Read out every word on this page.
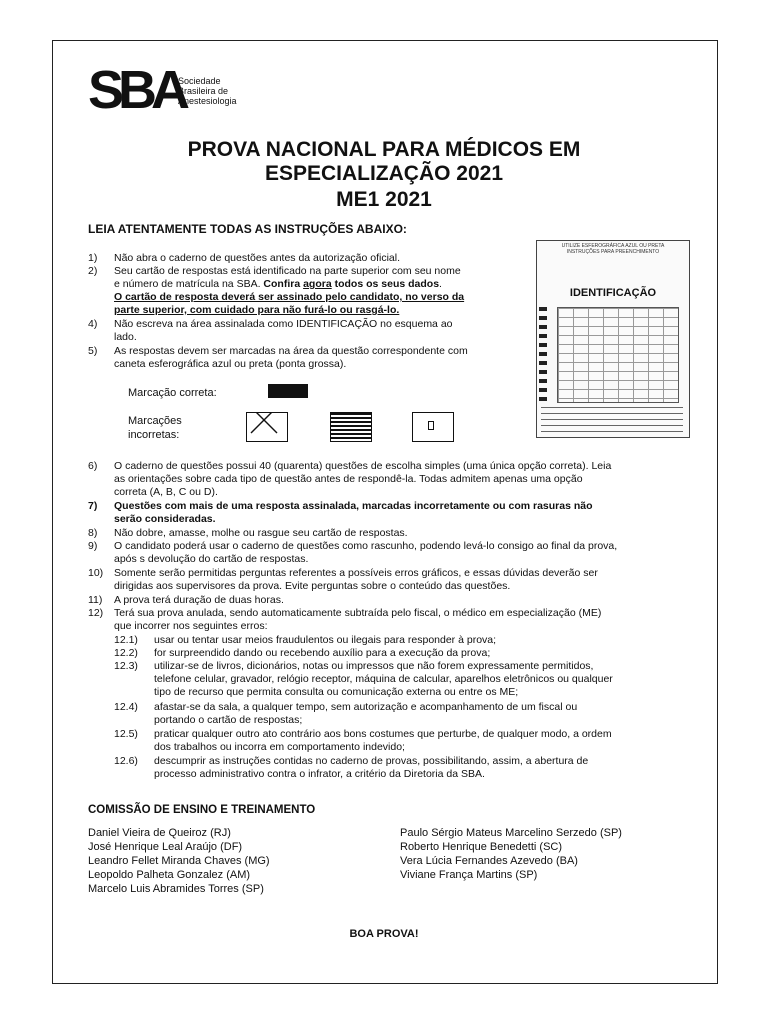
SBA
Sociedade
Brasileira de
Anestesiologia
PROVA NACIONAL PARA MÉDICOS EM
ESPECIALIZAÇÃO 2021
ME1 2021
LEIA ATENTAMENTE TODAS AS INSTRUÇÕES ABAIXO:
1)	Não abra o caderno de questões antes da autorização oficial.
2)	Seu cartão de respostas está identificado na parte superior com seu nome
e número de matrícula na SBA. Confira agora todos os seus dados.
O cartão de resposta deverá ser assinado pelo candidato, no verso da
parte superior, com cuidado para não furá-lo ou rasgá-lo.
4)	Não escreva na área assinalada como IDENTIFICAÇÃO no esquema ao
lado.
5)	As respostas devem ser marcadas na área da questão correspondente com
caneta esferográfica azul ou preta (ponta grossa).
Marcação correta:
Marcações
incorretas:
UTILIZE ESFEROGRÁFICA AZUL OU PRETA
INSTRUÇÕES PARA PREENCHIMENTO
IDENTIFICAÇÃO
6)	O caderno de questões possui 40 (quarenta) questões de escolha simples (uma única opção correta). Leia
as orientações sobre cada tipo de questão antes de respondê-la. Todas admitem apenas uma opção
correta (A, B, C ou D).
7)	Questões com mais de uma resposta assinalada, marcadas incorretamente ou com rasuras não
serão consideradas.
8)	Não dobre, amasse, molhe ou rasgue seu cartão de respostas.
9)	O candidato poderá usar o caderno de questões como rascunho, podendo levá-lo consigo ao final da prova,
após s devolução do cartão de respostas.
10)	Somente serão permitidas perguntas referentes a possíveis erros gráficos, e essas dúvidas deverão ser
dirigidas aos supervisores da prova. Evite perguntas sobre o conteúdo das questões.
11)	A prova terá duração de duas horas.
12)	Terá sua prova anulada, sendo automaticamente subtraída pelo fiscal, o médico em especialização (ME)
que incorrer nos seguintes erros:
12.1)	usar ou tentar usar meios fraudulentos ou ilegais para responder à prova;
12.2)	for surpreendido dando ou recebendo auxílio para a execução da prova;
12.3)	utilizar-se de livros, dicionários, notas ou impressos que não forem expressamente permitidos,
telefone celular, gravador, relógio receptor, máquina de calcular, aparelhos eletrônicos ou qualquer
tipo de recurso que permita consulta ou comunicação externa ou entre os ME;
12.4)	afastar-se da sala, a qualquer tempo, sem autorização e acompanhamento de um fiscal ou
portando o cartão de respostas;
12.5)	praticar qualquer outro ato contrário aos bons costumes que perturbe, de qualquer modo, a ordem
dos trabalhos ou incorra em comportamento indevido;
12.6)	descumprir as instruções contidas no caderno de provas, possibilitando, assim, a abertura de
processo administrativo contra o infrator, a critério da Diretoria da SBA.
COMISSÃO DE ENSINO E TREINAMENTO
Daniel Vieira de Queiroz (RJ)
José Henrique Leal Araújo (DF)
Leandro Fellet Miranda Chaves (MG)
Leopoldo Palheta Gonzalez (AM)
Marcelo Luis Abramides Torres (SP)
Paulo Sérgio Mateus Marcelino Serzedo (SP)
Roberto Henrique Benedetti (SC)
Vera Lúcia Fernandes Azevedo (BA)
Viviane França Martins (SP)
BOA PROVA!
